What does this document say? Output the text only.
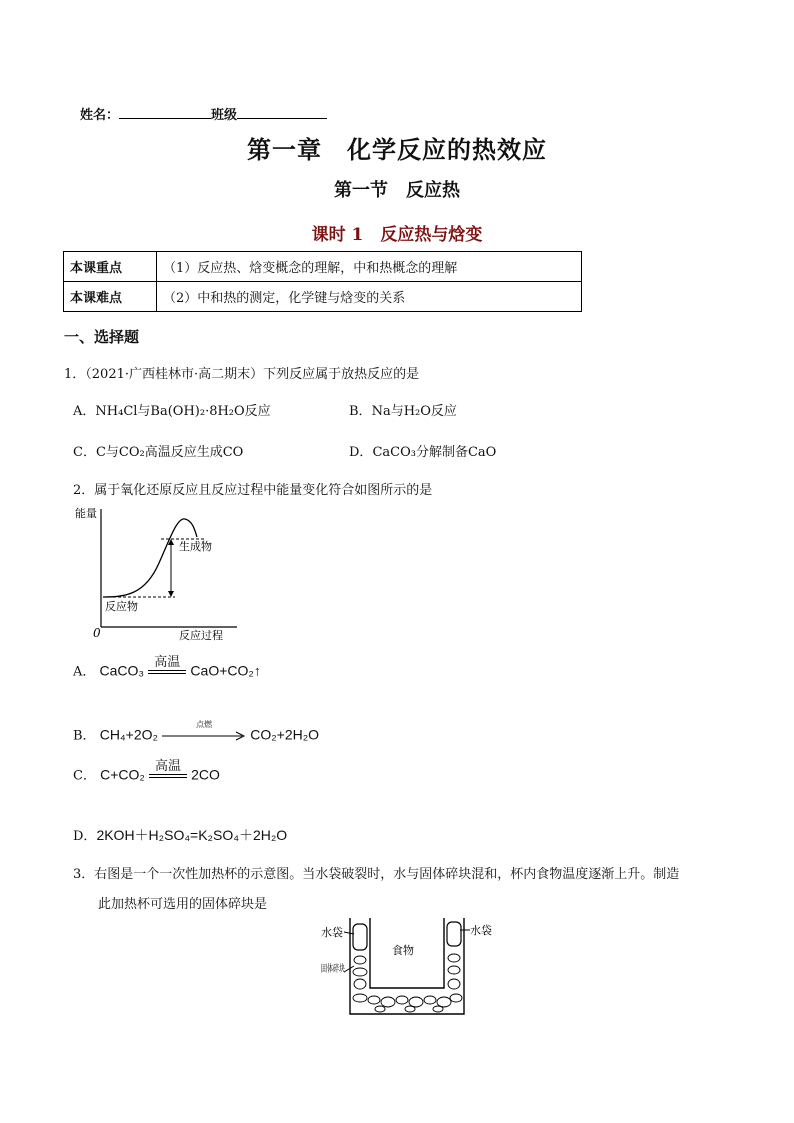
姓名：	班级
第一章　化学反应的热效应
第一节　反应热
课时 1　反应热与焓变
本课重点	（1）反应热、焓变概念的理解，中和热概念的理解
本课难点	（2）中和热的测定，化学键与焓变的关系
一、选择题
1．（2021·广西桂林市·高二期末）下列反应属于放热反应的是
A．NH₄Cl与Ba(OH)₂·8H₂O反应	B．Na与H₂O反应
C．C与CO₂高温反应生成CO	D．CaCO₃分解制备CaO
2．属于氧化还原反应且反应过程中能量变化符合如图所示的是
能量
生成物
反应物
0	反应过程
A． CaCO₃ 高温 CaO+CO₂↑
B． CH₄+2O₂
点燃
CO₂+2H₂O
C． C+CO₂ 高温 2CO
D．2KOH＋H₂SO₄=K₂SO₄＋2H₂O
3．右图是一个一次性加热杯的示意图。当水袋破裂时，水与固体碎块混和，杯内食物温度逐渐上升。制造
此加热杯可选用的固体碎块是
水袋	水袋
食物
固体碎块
